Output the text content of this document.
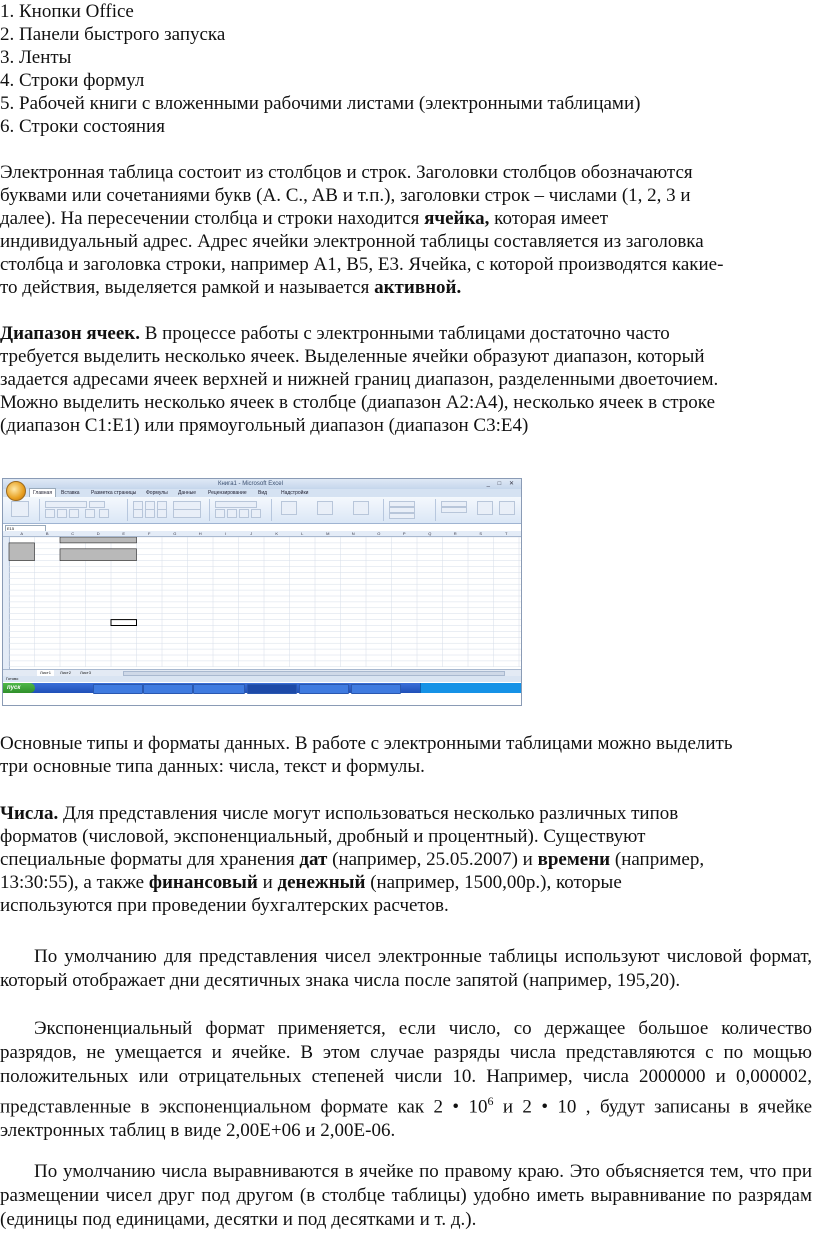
1. Кнопки Office
2. Панели быстрого запуска
3. Ленты
4. Строки формул
5. Рабочей книги с вложенными рабочими листами (электронными таблицами)
6. Строки состояния
Электронная таблица состоит из столбцов и строк. Заголовки столбцов обозначаются
буквами или сочетаниями букв (A. C., AB и т.п.), заголовки строк – числами (1, 2, 3 и
далее). На пересечении столбца и строки находится ячейка, которая имеет
индивидуальный адрес. Адрес ячейки электронной таблицы составляется из заголовка
столбца и заголовка строки, например A1, B5, E3. Ячейка, с которой производятся какие-
то действия, выделяется рамкой и называется активной.
Диапазон ячеек. В процессе работы с электронными таблицами достаточно часто
требуется выделить несколько ячеек. Выделенные ячейки образуют диапазон, который
задается адресами ячеек верхней и нижней границ диапазон, разделенными двоеточием.
Можно выделить несколько ячеек в столбце (диапазон A2:A4), несколько ячеек в строке
(диапазон C1:E1) или прямоугольный диапазон (диапазон C3:E4)
Книга1 - Microsoft Excel	_ □ ✕
Главная	Вставка Разметка страницы Формулы Данные Рецензирование Вид	Надстройки
E15
A	B	C	D	E	F	G	H	I	J	K	L	M	N	O	P	Q	R	S	T
Лист1	Лист2	Лист3
Готово
пуск
Основные типы и форматы данных. В работе с электронными таблицами можно выделить
три основные типа данных: числа, текст и формулы.
Числа. Для представления числе могут использоваться несколько различных типов
форматов (числовой, экспоненциальный, дробный и процентный). Существуют
специальные форматы для хранения дат (например, 25.05.2007) и времени (например,
13:30:55), а также финансовый и денежный (например, 1500,00р.), которые
используются при проведении бухгалтерских расчетов.
По умолчанию для представления чисел электронные таблицы используют числовой формат, который отображает дни десятичных знака числа после запятой (например, 195,20).
Экспоненциальный формат применяется, если число, со держащее большое количество разрядов, не умещается и ячейке. В этом случае разряды числа представляются с по мощью положительных или отрицательных степеней числи 10. Например, числа 2000000 и 0,000002, представленные в экспоненциальном формате как 2 • $10^6$ и 2 • 10 , будут записаны в ячейке электронных таблиц в виде 2,00Е+06 и 2,00Е-06.
По умолчанию числа выравниваются в ячейке по правому краю. Это объясняется тем, что при размещении чисел друг под другом (в столбце таблицы) удобно иметь выравнивание по разрядам (единицы под единицами, десятки и под десятками и т. д.).
